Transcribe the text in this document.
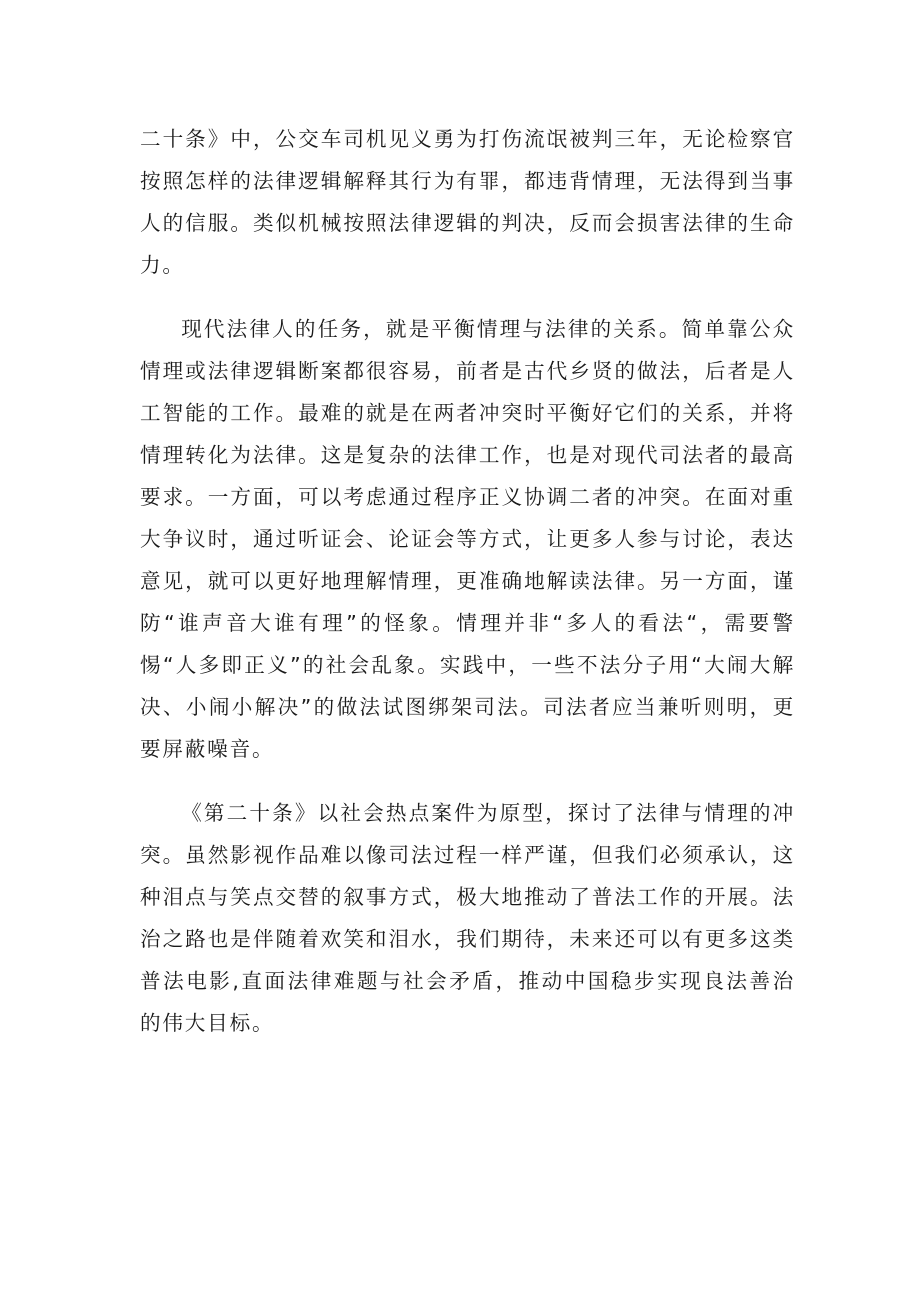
二十条》中，公交车司机见义勇为打伤流氓被判三年，无论检察官按照怎样的法律逻辑解释其行为有罪，都违背情理，无法得到当事人的信服。类似机械按照法律逻辑的判决，反而会损害法律的生命力。

现代法律人的任务，就是平衡情理与法律的关系。简单靠公众情理或法律逻辑断案都很容易，前者是古代乡贤的做法，后者是人工智能的工作。最难的就是在两者冲突时平衡好它们的关系，并将情理转化为法律。这是复杂的法律工作，也是对现代司法者的最高要求。一方面，可以考虑通过程序正义协调二者的冲突。在面对重大争议时，通过听证会、论证会等方式，让更多人参与讨论，表达意见，就可以更好地理解情理，更准确地解读法律。另一方面，谨防“谁声音大谁有理”的怪象。情理并非“多人的看法“，需要警惕“人多即正义”的社会乱象。实践中，一些不法分子用“大闹大解决、小闹小解决”的做法试图绑架司法。司法者应当兼听则明，更要屏蔽噪音。

《第二十条》以社会热点案件为原型，探讨了法律与情理的冲突。虽然影视作品难以像司法过程一样严谨，但我们必须承认，这种泪点与笑点交替的叙事方式，极大地推动了普法工作的开展。法治之路也是伴随着欢笑和泪水，我们期待，未来还可以有更多这类普法电影,直面法律难题与社会矛盾，推动中国稳步实现良法善治的伟大目标。
